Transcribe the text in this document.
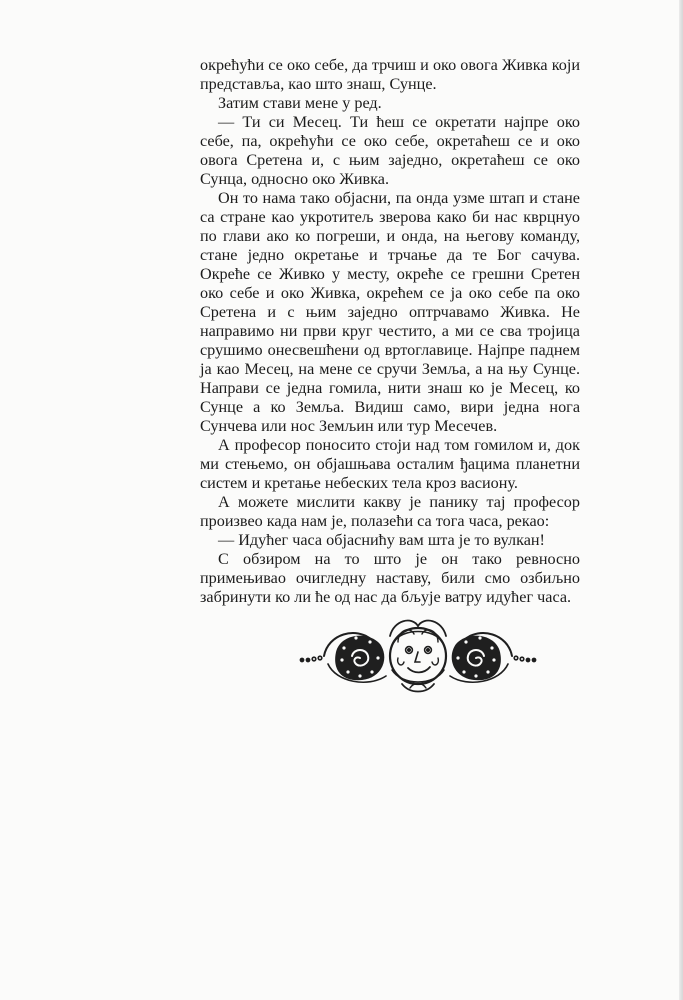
окрећући се око себе, да трчиш и око овога Живка који представља, као што знаш, Сунце.

Затим стави мене у ред.

— Ти си Месец. Ти ћеш се окретати најпре око себе, па, окрећући се око себе, окретаћеш се и око овога Сретена и, с њим заједно, окретаћеш се око Сунца, односно око Живка.

Он то нама тако објасни, па онда узме штап и стане са стране као укротитељ зверова како би нас кврцнуо по глави ако ко погреши, и онда, на његову команду, стане једно окретање и трчање да те Бог сачува. Окреће се Живко у месту, окреће се грешни Сретен око себе и око Живка, окрећем се ја око себе па око Сретена и с њим заједно оптрчавамо Живка. Не направимо ни први круг честито, а ми се сва тројица срушимо онесвешћени од вртоглавице. Најпре паднем ја као Месец, на мене се сручи Земља, а на њу Сунце. Направи се једна гомила, нити знаш ко је Месец, ко Сунце а ко Земља. Видиш само, вири једна нога Сунчева или нос Земљин или тур Месечев.

А професор поносито стоји над том гомилом и, док ми стењемо, он објашњава осталим ђацима планетни систем и кретање небеских тела кроз васиону.

А можете мислити какву је панику тај професор произвео када нам је, полазећи са тога часа, рекао:

— Идућег часа објаснићу вам шта је то вулкан!

С обзиром на то што је он тако ревносно примењивао очигледну наставу, били смо озбиљно забринути ко ли ће од нас да бљује ватру идућег часа.
